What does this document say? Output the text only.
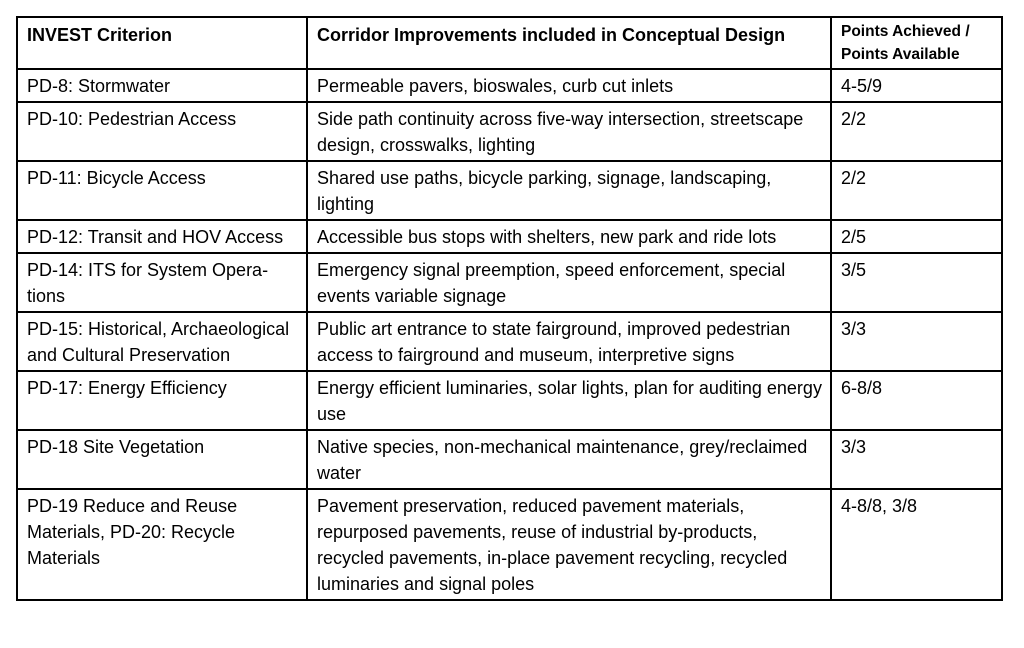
INVEST Criterion	Corridor Improvements included in Conceptual Design	Points Achieved / Points Available
PD-8: Stormwater	Permeable pavers, bioswales, curb cut inlets	4-5/9
PD-10: Pedestrian Access	Side path continuity across five-way intersection, streetscape design, crosswalks, lighting	2/2
PD-11: Bicycle Access	Shared use paths, bicycle parking, signage, landscaping, lighting	2/2
PD-12: Transit and HOV Access	Accessible bus stops with shelters, new park and ride lots	2/5
PD-14: ITS for System Operations	Emergency signal preemption, speed enforcement, special events variable signage	3/5
PD-15: Historical, Archaeological and Cultural Preservation	Public art entrance to state fairground, improved pedestrian access to fairground and museum, interpretive signs	3/3
PD-17: Energy Efficiency	Energy efficient luminaries, solar lights, plan for auditing energy use	6-8/8
PD-18 Site Vegetation	Native species, non-mechanical maintenance, grey/​reclaimed water	3/3
PD-19 Reduce and Reuse Materials, PD-20: Recycle Materials	Pavement preservation, reduced pavement materials, repurposed pavements, reuse of industrial by-products, recycled pavements, in-place pavement recycling, recycled luminaries and signal poles	4-8/8, 3/8
